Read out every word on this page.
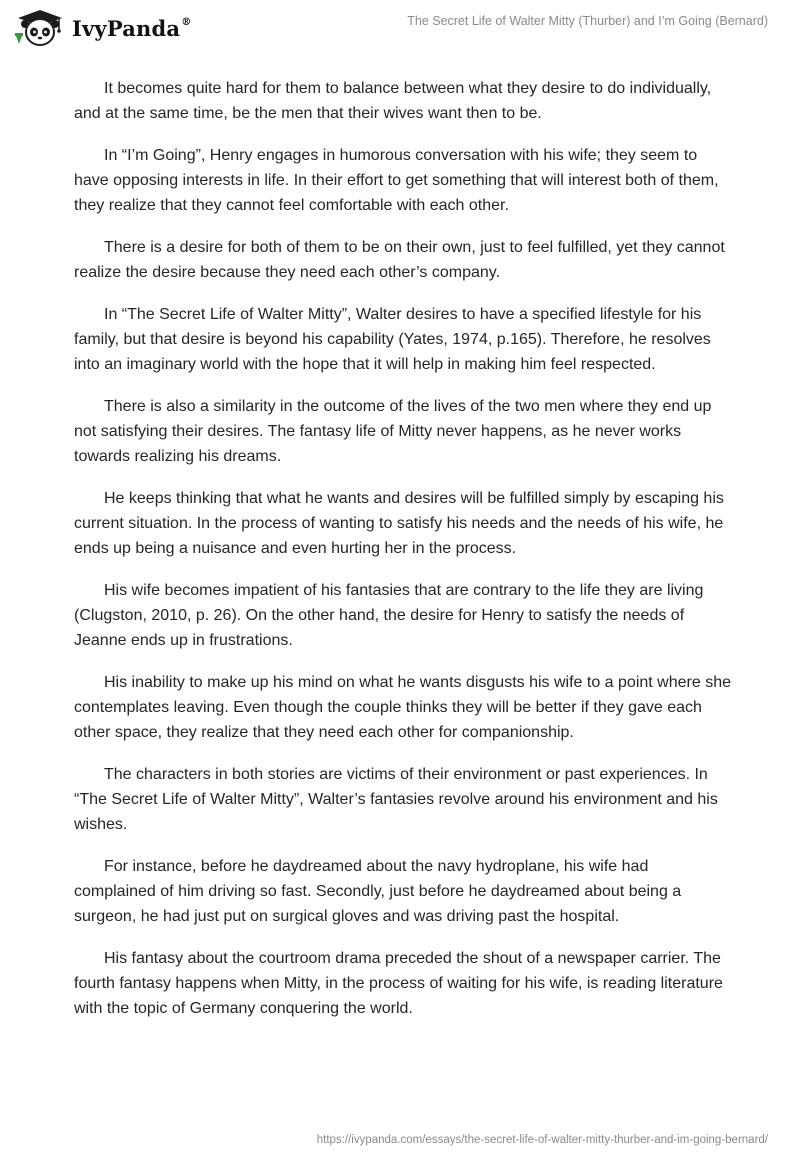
IvyPanda®	The Secret Life of Walter Mitty (Thurber) and I’m Going (Bernard)

It becomes quite hard for them to balance between what they desire to do individually, and at the same time, be the men that their wives want then to be.

In “I’m Going”, Henry engages in humorous conversation with his wife; they seem to have opposing interests in life. In their effort to get something that will interest both of them, they realize that they cannot feel comfortable with each other.

There is a desire for both of them to be on their own, just to feel fulfilled, yet they cannot realize the desire because they need each other’s company.

In “The Secret Life of Walter Mitty”, Walter desires to have a specified lifestyle for his family, but that desire is beyond his capability (Yates, 1974, p.165). Therefore, he resolves into an imaginary world with the hope that it will help in making him feel respected.

There is also a similarity in the outcome of the lives of the two men where they end up not satisfying their desires. The fantasy life of Mitty never happens, as he never works towards realizing his dreams.

He keeps thinking that what he wants and desires will be fulfilled simply by escaping his current situation. In the process of wanting to satisfy his needs and the needs of his wife, he ends up being a nuisance and even hurting her in the process.

His wife becomes impatient of his fantasies that are contrary to the life they are living (Clugston, 2010, p. 26). On the other hand, the desire for Henry to satisfy the needs of Jeanne ends up in frustrations.

His inability to make up his mind on what he wants disgusts his wife to a point where she contemplates leaving. Even though the couple thinks they will be better if they gave each other space, they realize that they need each other for companionship.

The characters in both stories are victims of their environment or past experiences. In “The Secret Life of Walter Mitty”, Walter’s fantasies revolve around his environment and his wishes.

For instance, before he daydreamed about the navy hydroplane, his wife had complained of him driving so fast. Secondly, just before he daydreamed about being a surgeon, he had just put on surgical gloves and was driving past the hospital.

His fantasy about the courtroom drama preceded the shout of a newspaper carrier. The fourth fantasy happens when Mitty, in the process of waiting for his wife, is reading literature with the topic of Germany conquering the world.

https://ivypanda.com/essays/the-secret-life-of-walter-mitty-thurber-and-im-going-bernard/
